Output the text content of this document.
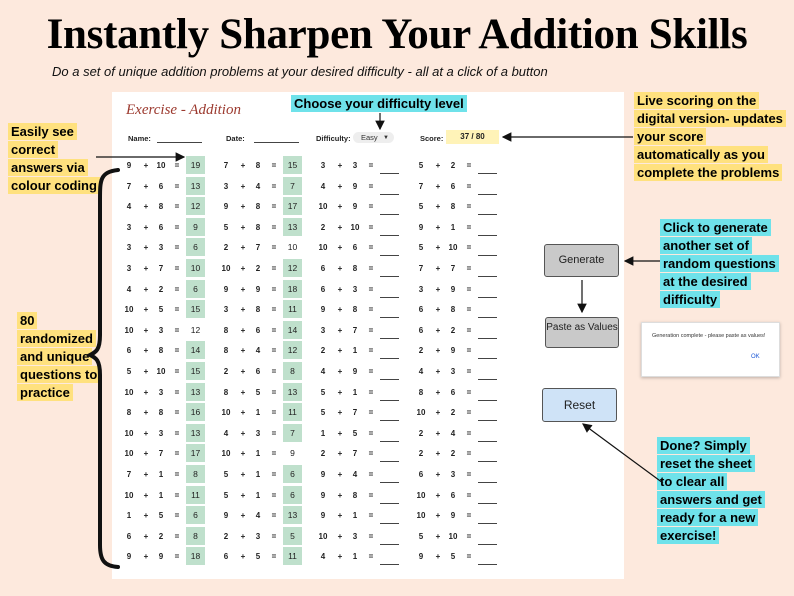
Instantly Sharpen Your Addition Skills
Do a set of unique addition problems at your desired difficulty - all at a click of a button
Exercise - Addition
Name:	Date:	Difficulty:	Easy ▼	Score:	37 / 80
9	+	10	=	19
7	+	6	=	13
4	+	8	=	12
3	+	6	=	9
3	+	3	=	6
3	+	7	=	10
4	+	2	=	6
10	+	5	=	15
10	+	3	=	12
6	+	8	=	14
5	+	10	=	15
10	+	3	=	13
8	+	8	=	16
10	+	3	=	13
10	+	7	=	17
7	+	1	=	8
10	+	1	=	11
1	+	5	=	6
6	+	2	=	8
9	+	9	=	18
7	+	8	=	15
3	+	4	=	7
9	+	8	=	17
5	+	8	=	13
2	+	7	=	10
10	+	2	=	12
9	+	9	=	18
3	+	8	=	11
8	+	6	=	14
8	+	4	=	12
2	+	6	=	8
8	+	5	=	13
10	+	1	=	11
4	+	3	=	7
10	+	1	=	9
5	+	1	=	6
5	+	1	=	6
9	+	4	=	13
2	+	3	=	5
6	+	5	=	11
3	+	3	=
4	+	9	=
10	+	9	=
2	+	10	=
10	+	6	=
6	+	8	=
6	+	3	=
9	+	8	=
3	+	7	=
2	+	1	=
4	+	9	=
5	+	1	=
5	+	7	=
1	+	5	=
2	+	7	=
9	+	4	=
9	+	8	=
9	+	1	=
10	+	3	=
4	+	1	=
5	+	2	=
7	+	6	=
5	+	8	=
9	+	1	=
5	+	10	=
7	+	7	=
3	+	9	=
6	+	8	=
6	+	2	=
2	+	9	=
4	+	3	=
8	+	6	=
10	+	2	=
2	+	4	=
2	+	2	=
6	+	3	=
10	+	6	=
10	+	9	=
5	+	10	=
9	+	5	=
Generate
Paste as Values
Reset
Generation complete - please paste as values!
OK
Choose your difficulty level
Easily see correct answers via colour coding
Live scoring on the digital version- updates your score automatically as you complete the problems
Click to generate another set of random questions at the desired difficulty
80 randomized and unique questions to practice
Done? Simply reset the sheet to clear all answers and get ready for a new exercise!
